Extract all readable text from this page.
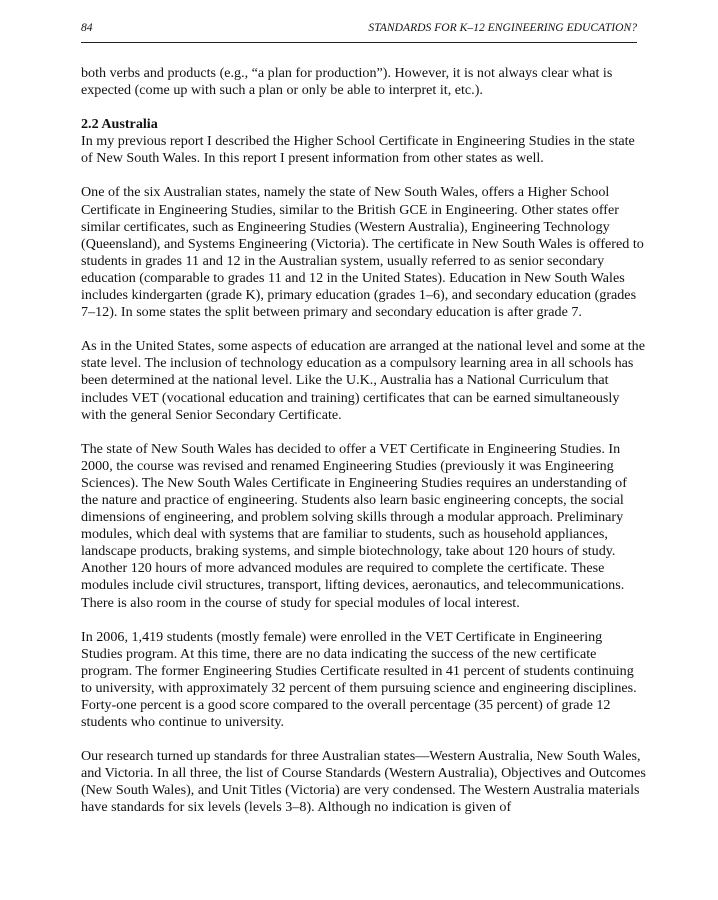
84	STANDARDS FOR K–12 ENGINEERING EDUCATION?

both verbs and products (e.g., “a plan for production”). However, it is not always clear what is expected (come up with such a plan or only be able to interpret it, etc.).

2.2 Australia

In my previous report I described the Higher School Certificate in Engineering Studies in the state of New South Wales. In this report I present information from other states as well.

One of the six Australian states, namely the state of New South Wales, offers a Higher School Certificate in Engineering Studies, similar to the British GCE in Engineering. Other states offer similar certificates, such as Engineering Studies (Western Australia), Engineering Technology (Queensland), and Systems Engineering (Victoria). The certificate in New South Wales is offered to students in grades 11 and 12 in the Australian system, usually referred to as senior secondary education (comparable to grades 11 and 12 in the United States). Education in New South Wales includes kindergarten (grade K), primary education (grades 1–6), and secondary education (grades 7–12). In some states the split between primary and secondary education is after grade 7.

As in the United States, some aspects of education are arranged at the national level and some at the state level. The inclusion of technology education as a compulsory learning area in all schools has been determined at the national level. Like the U.K., Australia has a National Curriculum that includes VET (vocational education and training) certificates that can be earned simultaneously with the general Senior Secondary Certificate.

The state of New South Wales has decided to offer a VET Certificate in Engineering Studies. In 2000, the course was revised and renamed Engineering Studies (previously it was Engineering Sciences). The New South Wales Certificate in Engineering Studies requires an understanding of the nature and practice of engineering. Students also learn basic engineering concepts, the social dimensions of engineering, and problem solving skills through a modular approach. Preliminary modules, which deal with systems that are familiar to students, such as household appliances, landscape products, braking systems, and simple biotechnology, take about 120 hours of study. Another 120 hours of more advanced modules are required to complete the certificate. These modules include civil structures, transport, lifting devices, aeronautics, and telecommunications. There is also room in the course of study for special modules of local interest.

In 2006, 1,419 students (mostly female) were enrolled in the VET Certificate in Engineering Studies program. At this time, there are no data indicating the success of the new certificate program. The former Engineering Studies Certificate resulted in 41 percent of students continuing to university, with approximately 32 percent of them pursuing science and engineering disciplines. Forty-one percent is a good score compared to the overall percentage (35 percent) of grade 12 students who continue to university.

Our research turned up standards for three Australian states—Western Australia, New South Wales, and Victoria. In all three, the list of Course Standards (Western Australia), Objectives and Outcomes (New South Wales), and Unit Titles (Victoria) are very condensed. The Western Australia materials have standards for six levels (levels 3–8). Although no indication is given of
